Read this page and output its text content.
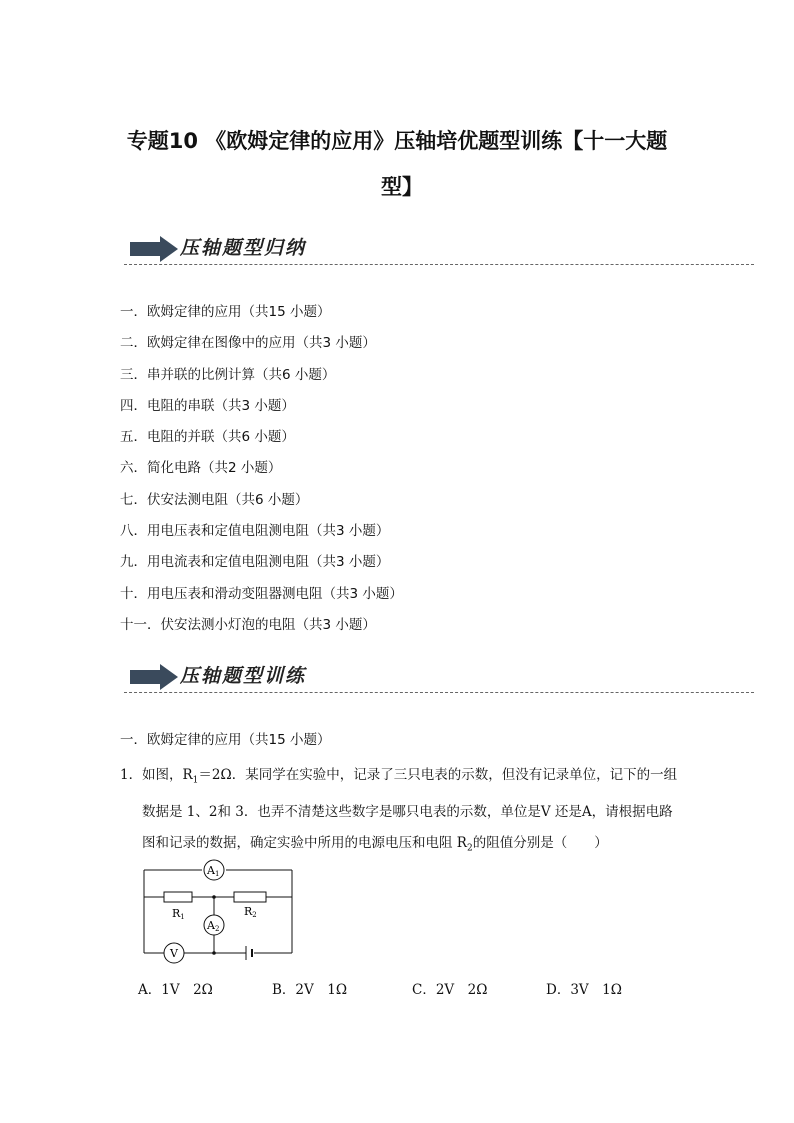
专题10 《欧姆定律的应用》压轴培优题型训练【十一大题
型】
压轴题型归纳
一．欧姆定律的应用（共15 小题）
二．欧姆定律在图像中的应用（共3 小题）
三．串并联的比例计算（共6 小题）
四．电阻的串联（共3 小题）
五．电阻的并联（共6 小题）
六．简化电路（共2 小题）
七．伏安法测电阻（共6 小题）
八．用电压表和定值电阻测电阻（共3 小题）
九．用电流表和定值电阻测电阻（共3 小题）
十．用电压表和滑动变阻器测电阻（共3 小题）
十一．伏安法测小灯泡的电阻（共3 小题）
压轴题型训练
一．欧姆定律的应用（共15 小题）
1． 如图，$R_1=2\Omega$．某同学在实验中，记录了三只电表的示数，但没有记录单位，记下的一组数据是 1、2和 3．也弄不清楚这些数字是哪只电表的示数，单位是V 还是A，请根据电路图和记录的数据，确定实验中所用的电源电压和电阻 $R_2$的阻值分别是（　　）
A1
A2
V
R1	R2
A．1V　2Ω	B．2V　1Ω	C．2V　2Ω	D．3V　1Ω
